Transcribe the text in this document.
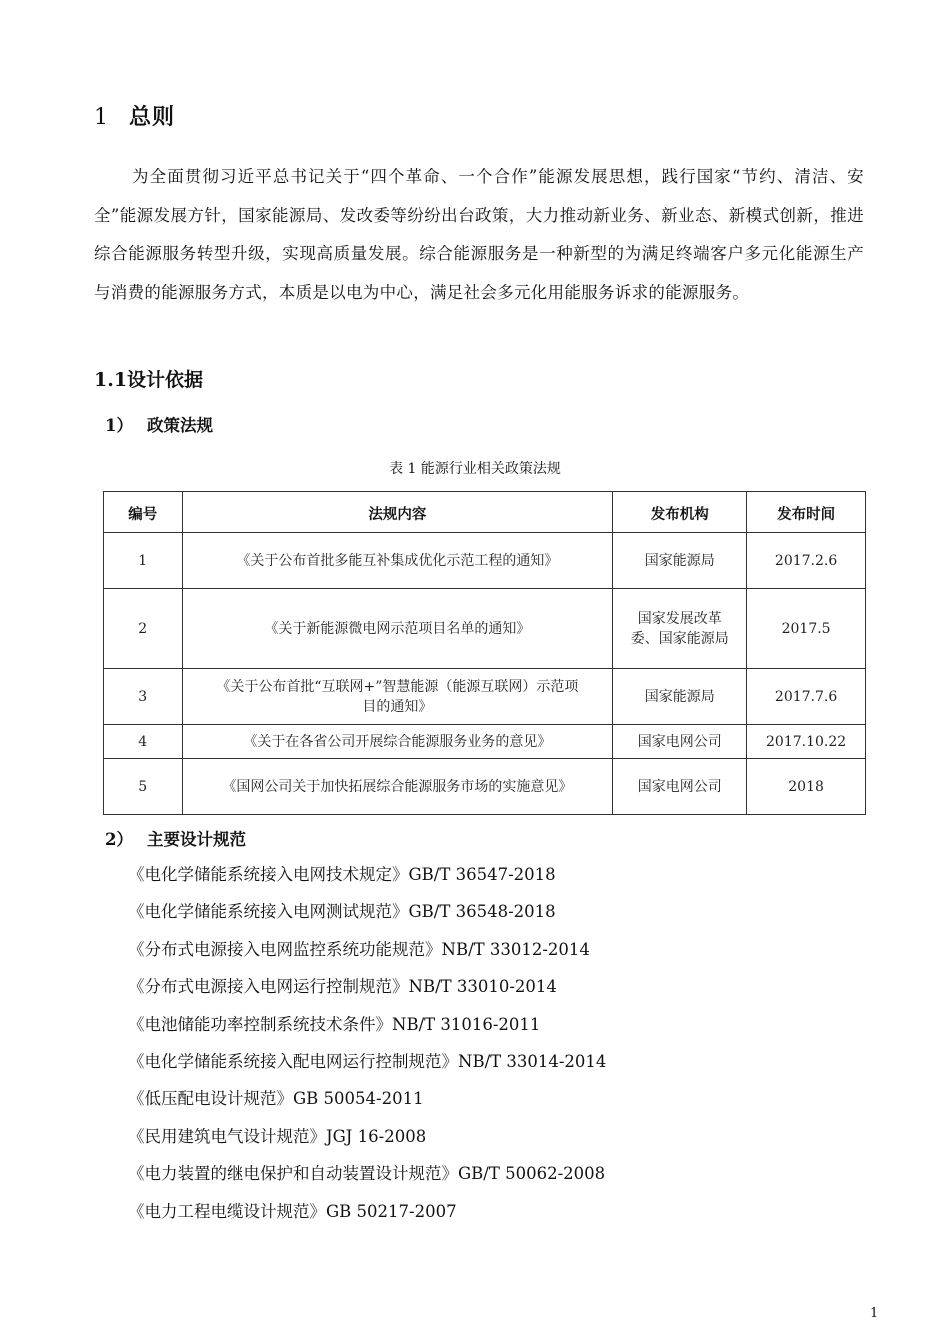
1 总则

为全面贯彻习近平总书记关于“四个革命、一个合作”能源发展思想，践行国家“节约、清洁、安全”能源发展方针，国家能源局、发改委等纷纷出台政策，大力推动新业务、新业态、新模式创新，推进综合能源服务转型升级，实现高质量发展。综合能源服务是一种新型的为满足终端客户多元化能源生产与消费的能源服务方式，本质是以电为中心，满足社会多元化用能服务诉求的能源服务。

1.1设计依据
1） 政策法规
表 1 能源行业相关政策法规
编号	法规内容	发布机构	发布时间
1	《关于公布首批多能互补集成优化示范工程的通知》	国家能源局	2017.2.6
2	《关于新能源微电网示范项目名单的通知》	国家发展改革委、国家能源局	2017.5
3	《关于公布首批“互联网+”智慧能源（能源互联网）示范项目的通知》	国家能源局	2017.7.6
4	《关于在各省公司开展综合能源服务业务的意见》	国家电网公司	2017.10.22
5	《国网公司关于加快拓展综合能源服务市场的实施意见》	国家电网公司	2018
2） 主要设计规范
《电化学储能系统接入电网技术规定》GB/T 36547-2018
《电化学储能系统接入电网测试规范》GB/T 36548-2018
《分布式电源接入电网监控系统功能规范》NB/T 33012-2014
《分布式电源接入电网运行控制规范》NB/T 33010-2014
《电池储能功率控制系统技术条件》NB/T 31016-2011
《电化学储能系统接入配电网运行控制规范》NB/T 33014-2014
《低压配电设计规范》GB 50054-2011
《民用建筑电气设计规范》JGJ 16-2008
《电力装置的继电保护和自动装置设计规范》GB/T 50062-2008
《电力工程电缆设计规范》GB 50217-2007
1
